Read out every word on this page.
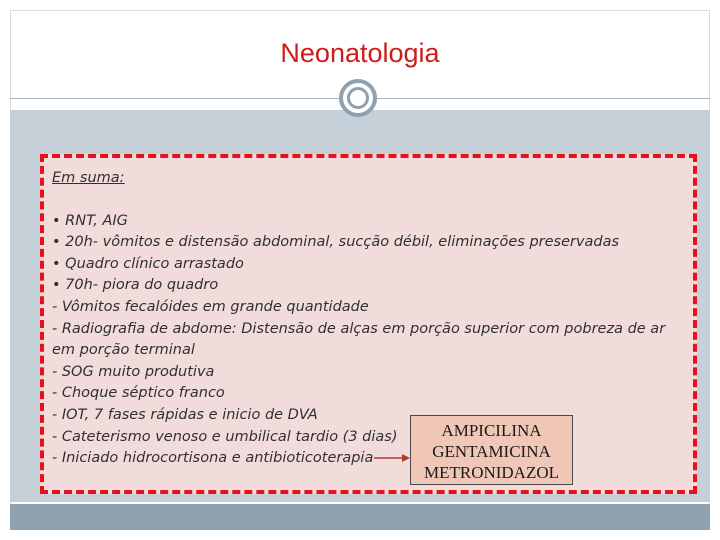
Neonatologia
Em suma:
• RNT, AIG
• 20h- vômitos e distensão abdominal, sucção débil, eliminações preservadas
• Quadro clínico arrastado
• 70h- piora do quadro
- Vômitos fecalóides em grande quantidade
- Radiografia de abdome: Distensão de alças em porção superior com pobreza de ar em porção terminal
- SOG muito produtiva
- Choque séptico franco
- IOT, 7 fases rápidas e inicio de DVA
- Cateterismo venoso e umbilical tardio (3 dias)
- Iniciado hidrocortisona e antibioticoterapia
AMPICILINA
GENTAMICINA
METRONIDAZOL
